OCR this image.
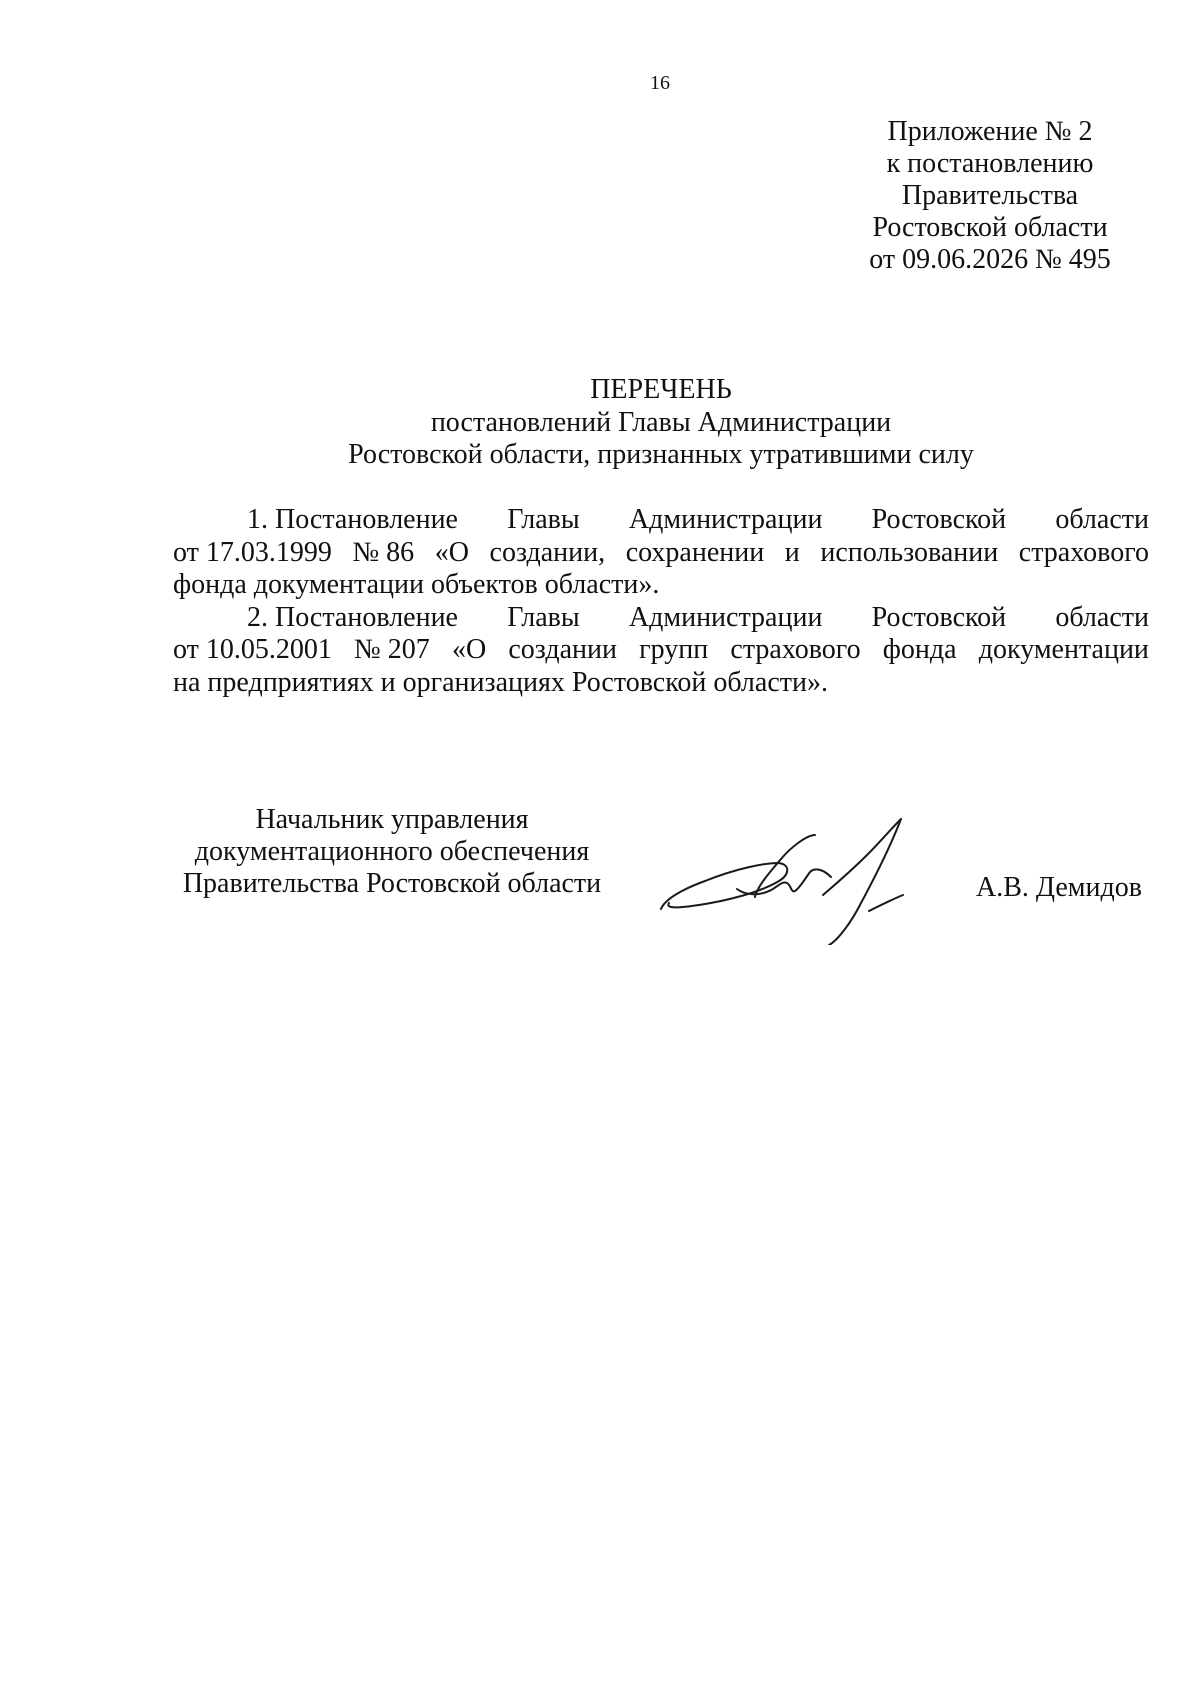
16
Приложение № 2
к постановлению
Правительства
Ростовской области
от 09.06.2026 № 495
ПЕРЕЧЕНЬ
постановлений Главы Администрации
Ростовской области, признанных утратившими силу
1. Постановление Главы Администрации Ростовской области
от 17.03.1999 № 86 «О создании, сохранении и использовании страхового
фонда документации объектов области».
2. Постановление Главы Администрации Ростовской области
от 10.05.2001 № 207 «О создании групп страхового фонда документации
на предприятиях и организациях Ростовской области».
Начальник управления
документационного обеспечения
Правительства Ростовской области	А.В. Демидов
